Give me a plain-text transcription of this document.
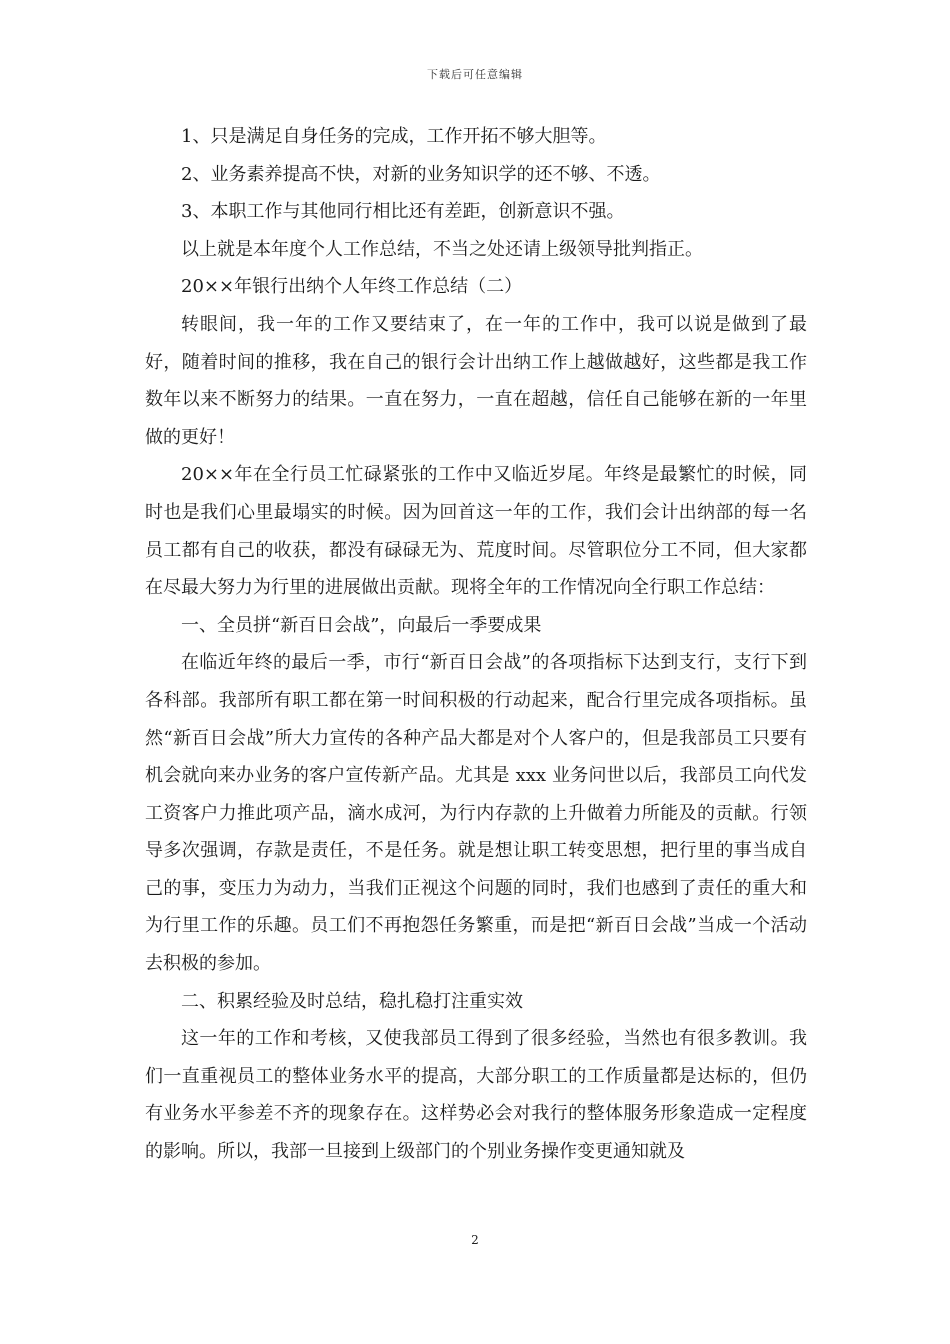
下载后可任意编辑

1、只是满足自身任务的完成，工作开拓不够大胆等。

2、业务素养提高不快，对新的业务知识学的还不够、不透。

3、本职工作与其他同行相比还有差距，创新意识不强。

以上就是本年度个人工作总结，不当之处还请上级领导批判指正。

20××年银行出纳个人年终工作总结（二）

转眼间，我一年的工作又要结束了，在一年的工作中，我可以说是做到了最好，随着时间的推移，我在自己的银行会计出纳工作上越做越好，这些都是我工作数年以来不断努力的结果。一直在努力，一直在超越，信任自己能够在新的一年里做的更好！

20××年在全行员工忙碌紧张的工作中又临近岁尾。年终是最繁忙的时候，同时也是我们心里最塌实的时候。因为回首这一年的工作，我们会计出纳部的每一名员工都有自己的收获，都没有碌碌无为、荒度时间。尽管职位分工不同，但大家都在尽最大努力为行里的进展做出贡献。现将全年的工作情况向全行职工作总结：

一、全员拼“新百日会战”，向最后一季要成果

在临近年终的最后一季，市行“新百日会战”的各项指标下达到支行，支行下到各科部。我部所有职工都在第一时间积极的行动起来，配合行里完成各项指标。虽然“新百日会战”所大力宣传的各种产品大都是对个人客户的，但是我部员工只要有机会就向来办业务的客户宣传新产品。尤其是 xxx 业务问世以后，我部员工向代发工资客户力推此项产品，滴水成河，为行内存款的上升做着力所能及的贡献。行领导多次强调，存款是责任，不是任务。就是想让职工转变思想，把行里的事当成自己的事，变压力为动力，当我们正视这个问题的同时，我们也感到了责任的重大和为行里工作的乐趣。员工们不再抱怨任务繁重，而是把“新百日会战”当成一个活动去积极的参加。

二、积累经验及时总结，稳扎稳打注重实效

这一年的工作和考核，又使我部员工得到了很多经验，当然也有很多教训。我们一直重视员工的整体业务水平的提高，大部分职工的工作质量都是达标的，但仍有业务水平参差不齐的现象存在。这样势必会对我行的整体服务形象造成一定程度的影响。所以，我部一旦接到上级部门的个别业务操作变更通知就及

2
